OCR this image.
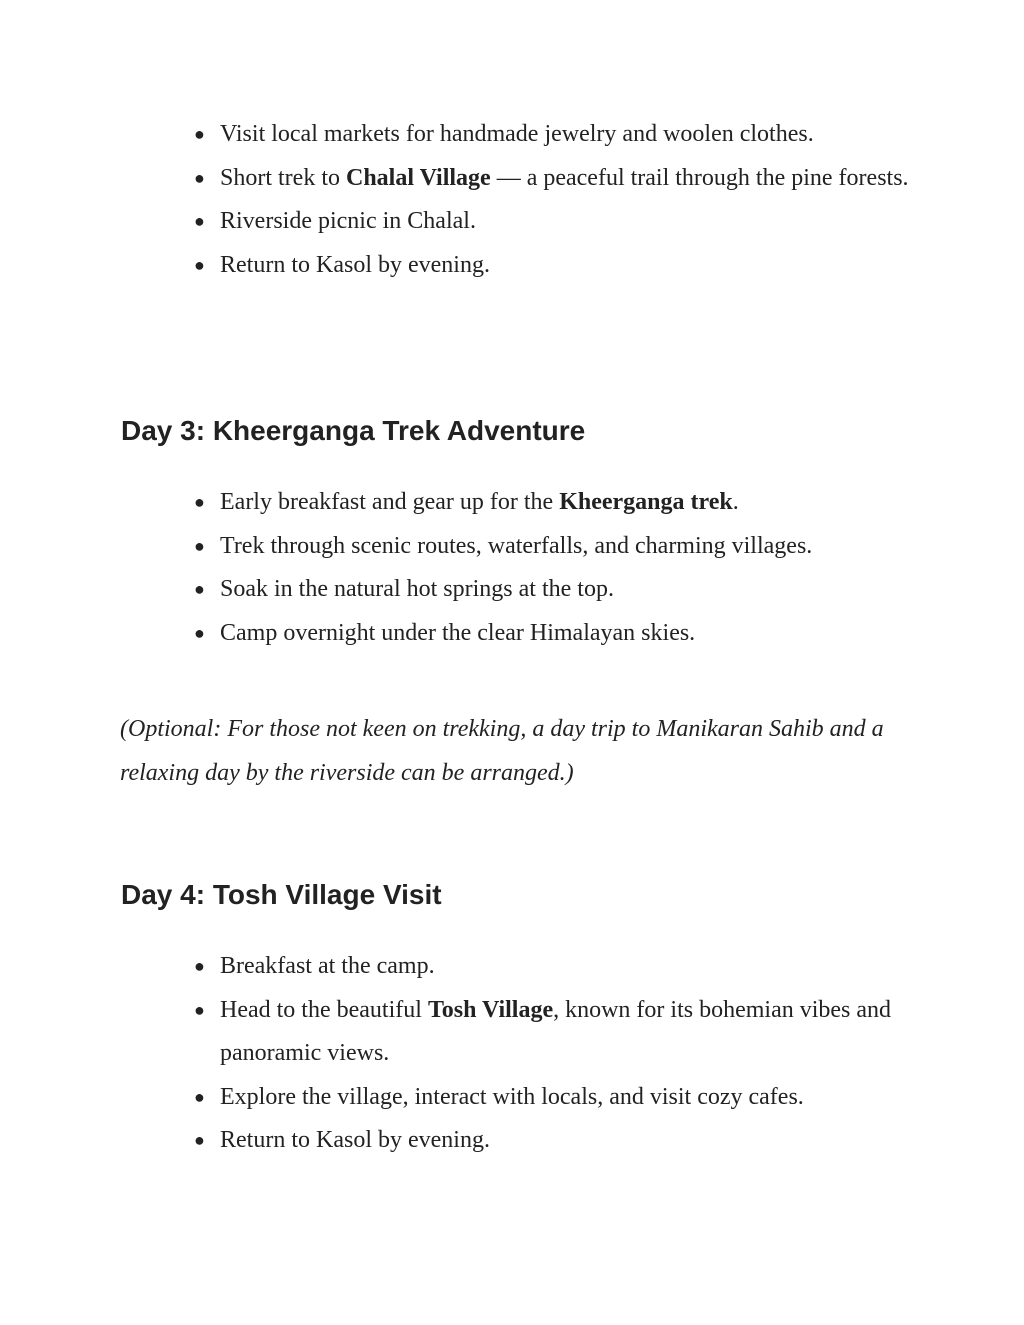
● Visit local markets for handmade jewelry and woolen clothes.
● Short trek to Chalal Village — a peaceful trail through the pine forests.
● Riverside picnic in Chalal.
● Return to Kasol by evening.
Day 3: Kheerganga Trek Adventure
● Early breakfast and gear up for the Kheerganga trek.
● Trek through scenic routes, waterfalls, and charming villages.
● Soak in the natural hot springs at the top.
● Camp overnight under the clear Himalayan skies.

(Optional: For those not keen on trekking, a day trip to Manikaran Sahib and a relaxing day by the riverside can be arranged.)

Day 4: Tosh Village Visit
● Breakfast at the camp.
● Head to the beautiful Tosh Village, known for its bohemian vibes and panoramic views.
● Explore the village, interact with locals, and visit cozy cafes.
● Return to Kasol by evening.
